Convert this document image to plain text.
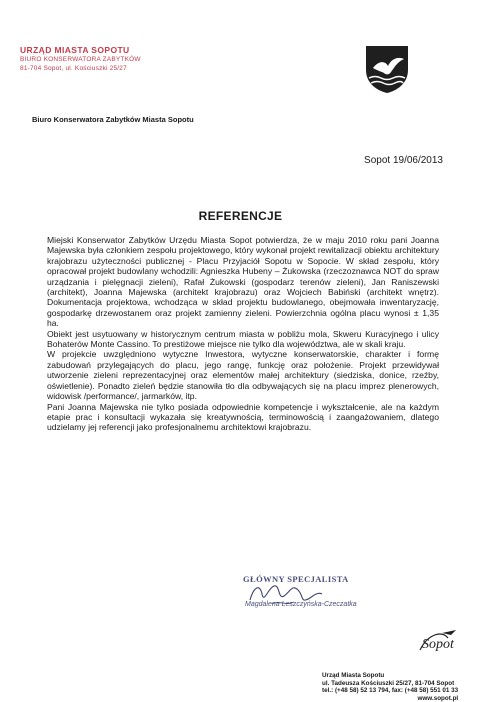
URZĄD MIASTA SOPOTU
BIURO KONSERWATORA ZABYTKÓW
81-704 Sopot, ul. Kościuszki 25/27
Biuro Konserwatora Zabytków Miasta Sopotu
Sopot 19/06/2013
REFERENCJE

Miejski Konserwator Zabytków Urzędu Miasta Sopot potwierdza, że w maju 2010 roku pani Joanna Majewska była członkiem zespołu projektowego, który wykonał projekt rewitalizacji obiektu architektury krajobrazu użyteczności publicznej - Placu Przyjaciół Sopotu w Sopocie. W skład zespołu, który opracował projekt budowlany wchodzili: Agnieszka Hubeny – Żukowska (rzeczoznawca NOT do spraw urządzania i pielęgnacji zieleni), Rafał Żukowski (gospodarz terenów zieleni), Jan Raniszewski (architekt), Joanna Majewska (architekt krajobrazu) oraz Wojciech Babiński (architekt wnętrz). Dokumentacja projektowa, wchodząca w skład projektu budowlanego, obejmowała inwentaryzację, gospodarkę drzewostanem oraz projekt zamienny zieleni. Powierzchnia ogólna placu wynosi ± 1,35 ha.

Obiekt jest usytuowany w historycznym centrum miasta w pobliżu mola, Skweru Kuracyjnego i ulicy Bohaterów Monte Cassino. To prestiżowe miejsce nie tylko dla województwa, ale w skali kraju.

W projekcie uwzględniono wytyczne Inwestora, wytyczne konserwatorskie, charakter i formę zabudowań przylegających do placu, jego rangę, funkcję oraz położenie. Projekt przewidywał utworzenie zieleni reprezentacyjnej oraz elementów małej architektury (siedziska, donice, rzeźby, oświetlenie). Ponadto zieleń będzie stanowiła tło dla odbywających się na placu imprez plenerowych, widowisk /performance/, jarmarków, itp.

Pani Joanna Majewska nie tylko posiada odpowiednie kompetencje i wykształcenie, ale na każdym etapie prac i konsultacji wykazała się kreatywnością, terminowością i zaangażowaniem, dlatego udzielamy jej referencji jako profesjonalnemu architektowi krajobrazu.

GŁÓWNY SPECJALISTA
Magdalena Leszczyńska-Czeczatka
Sopot
Urząd Miasta Sopotu
ul. Tadeusza Kościuszki 25/27, 81-704 Sopot
tel.: (+48 58) 52 13 794, fax: (+48 58) 551 01 33
www.sopot.pl
